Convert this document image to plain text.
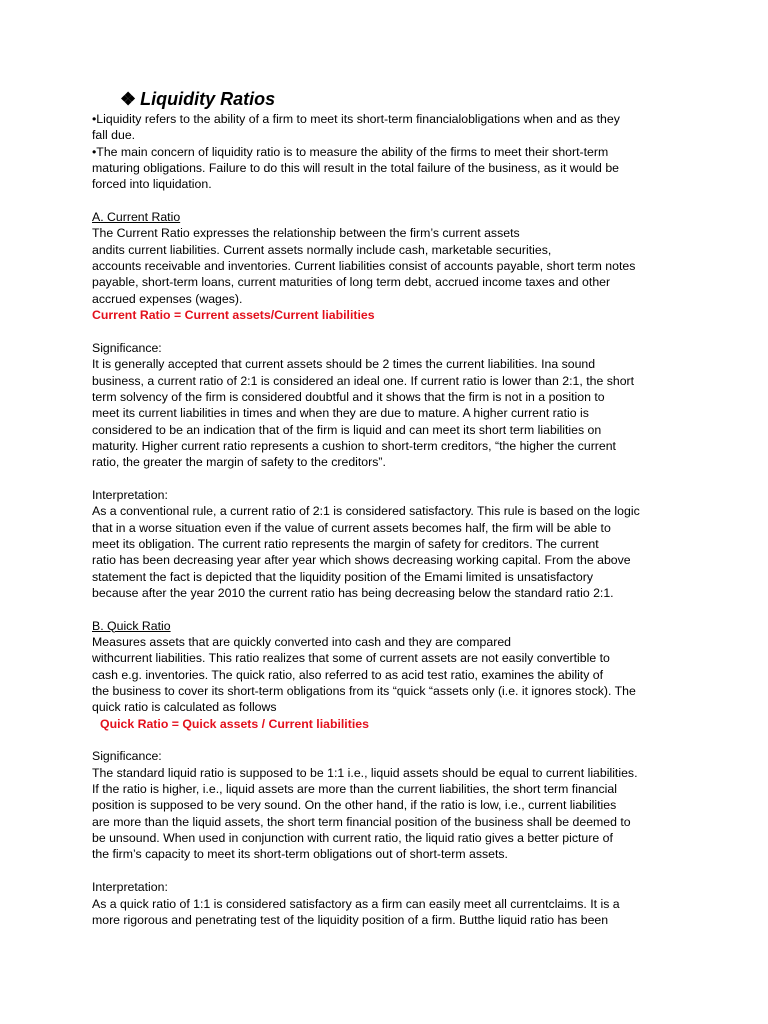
❖ Liquidity Ratios
•Liquidity refers to the ability of a firm to meet its short-term financialobligations when and as they
fall due.
•The main concern of liquidity ratio is to measure the ability of the firms to meet their short-term
maturing obligations. Failure to do this will result in the total failure of the business, as it would be
forced into liquidation.
A. Current Ratio
The Current Ratio expresses the relationship between the firm’s current assets
andits current liabilities. Current assets normally include cash, marketable securities,
accounts receivable and inventories. Current liabilities consist of accounts payable, short term notes
payable, short-term loans, current maturities of long term debt, accrued income taxes and other
accrued expenses (wages).
Current Ratio = Current assets/Current liabilities
Significance:
It is generally accepted that current assets should be 2 times the current liabilities. Ina sound
business, a current ratio of 2:1 is considered an ideal one. If current ratio is lower than 2:1, the short
term solvency of the firm is considered doubtful and it shows that the firm is not in a position to
meet its current liabilities in times and when they are due to mature. A higher current ratio is
considered to be an indication that of the firm is liquid and can meet its short term liabilities on
maturity. Higher current ratio represents a cushion to short-term creditors, “the higher the current
ratio, the greater the margin of safety to the creditors”.
Interpretation:
As a conventional rule, a current ratio of 2:1 is considered satisfactory. This rule is based on the logic
that in a worse situation even if the value of current assets becomes half, the firm will be able to
meet its obligation. The current ratio represents the margin of safety for creditors. The current
ratio has been decreasing year after year which shows decreasing working capital. From the above
statement the fact is depicted that the liquidity position of the Emami limited is unsatisfactory
because after the year 2010 the current ratio has being decreasing below the standard ratio 2:1.
B. Quick Ratio
Measures assets that are quickly converted into cash and they are compared
withcurrent liabilities. This ratio realizes that some of current assets are not easily convertible to
cash e.g. inventories. The quick ratio, also referred to as acid test ratio, examines the ability of
the business to cover its short-term obligations from its “quick “assets only (i.e. it ignores stock). The
quick ratio is calculated as follows
Quick Ratio = Quick assets / Current liabilities
Significance:
The standard liquid ratio is supposed to be 1:1 i.e., liquid assets should be equal to current liabilities.
If the ratio is higher, i.e., liquid assets are more than the current liabilities, the short term financial
position is supposed to be very sound. On the other hand, if the ratio is low, i.e., current liabilities
are more than the liquid assets, the short term financial position of the business shall be deemed to
be unsound. When used in conjunction with current ratio, the liquid ratio gives a better picture of
the firm’s capacity to meet its short-term obligations out of short-term assets.
Interpretation:
As a quick ratio of 1:1 is considered satisfactory as a firm can easily meet all currentclaims. It is a
more rigorous and penetrating test of the liquidity position of a firm. Butthe liquid ratio has been
